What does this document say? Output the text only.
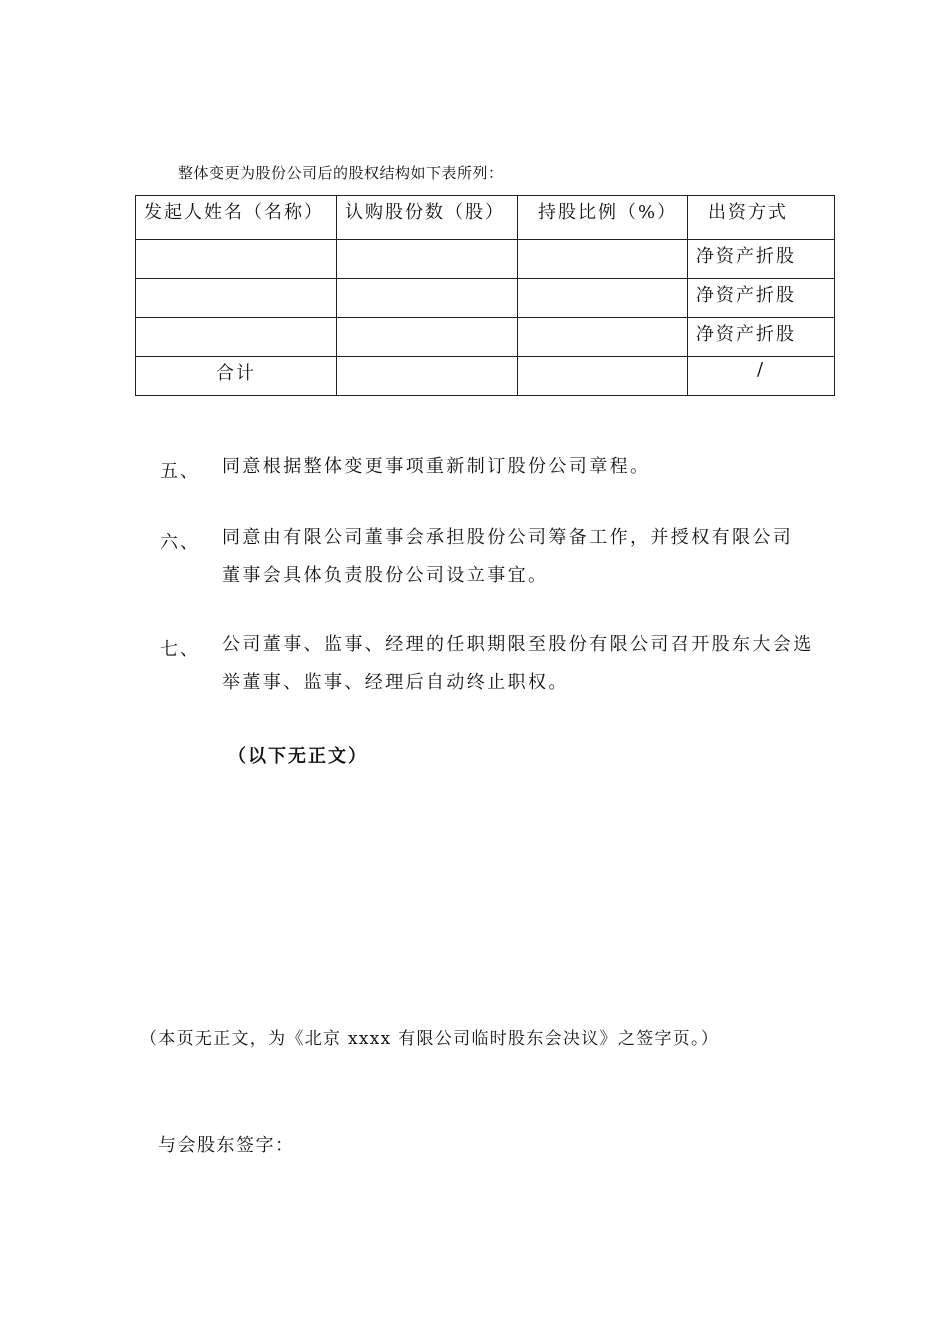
整体变更为股份公司后的股权结构如下表所列：
发起人姓名（名称）	认购股份数（股）	持股比例（%）	出资方式
			净资产折股
			净资产折股
			净资产折股
合计			/
五、 同意根据整体变更事项重新制订股份公司章程。
六、 同意由有限公司董事会承担股份公司筹备工作，并授权有限公司
董事会具体负责股份公司设立事宜。
七、 公司董事、监事、经理的任职期限至股份有限公司召开股东大会选
举董事、监事、经理后自动终止职权。
（以下无正文）
（本页无正文，为《北京 xxxx 有限公司临时股东会决议》之签字页。）
与会股东签字：
